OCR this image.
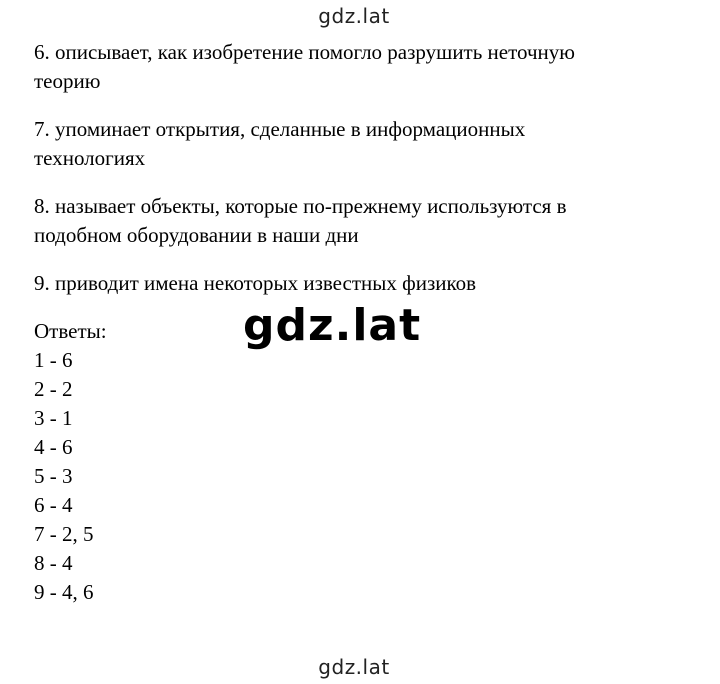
gdz.lat
6. описывает, как изобретение помогло разрушить неточную
теорию
7. упоминает открытия, сделанные в информационных
технологиях
8. называет объекты, которые по-прежнему используются в
подобном оборудовании в наши дни
9. приводит имена некоторых известных физиков
Ответы:
1 - 6
2 - 2
3 - 1
4 - 6
5 - 3
6 - 4
7 - 2, 5
8 - 4
9 - 4, 6
gdz.lat
gdz.lat
